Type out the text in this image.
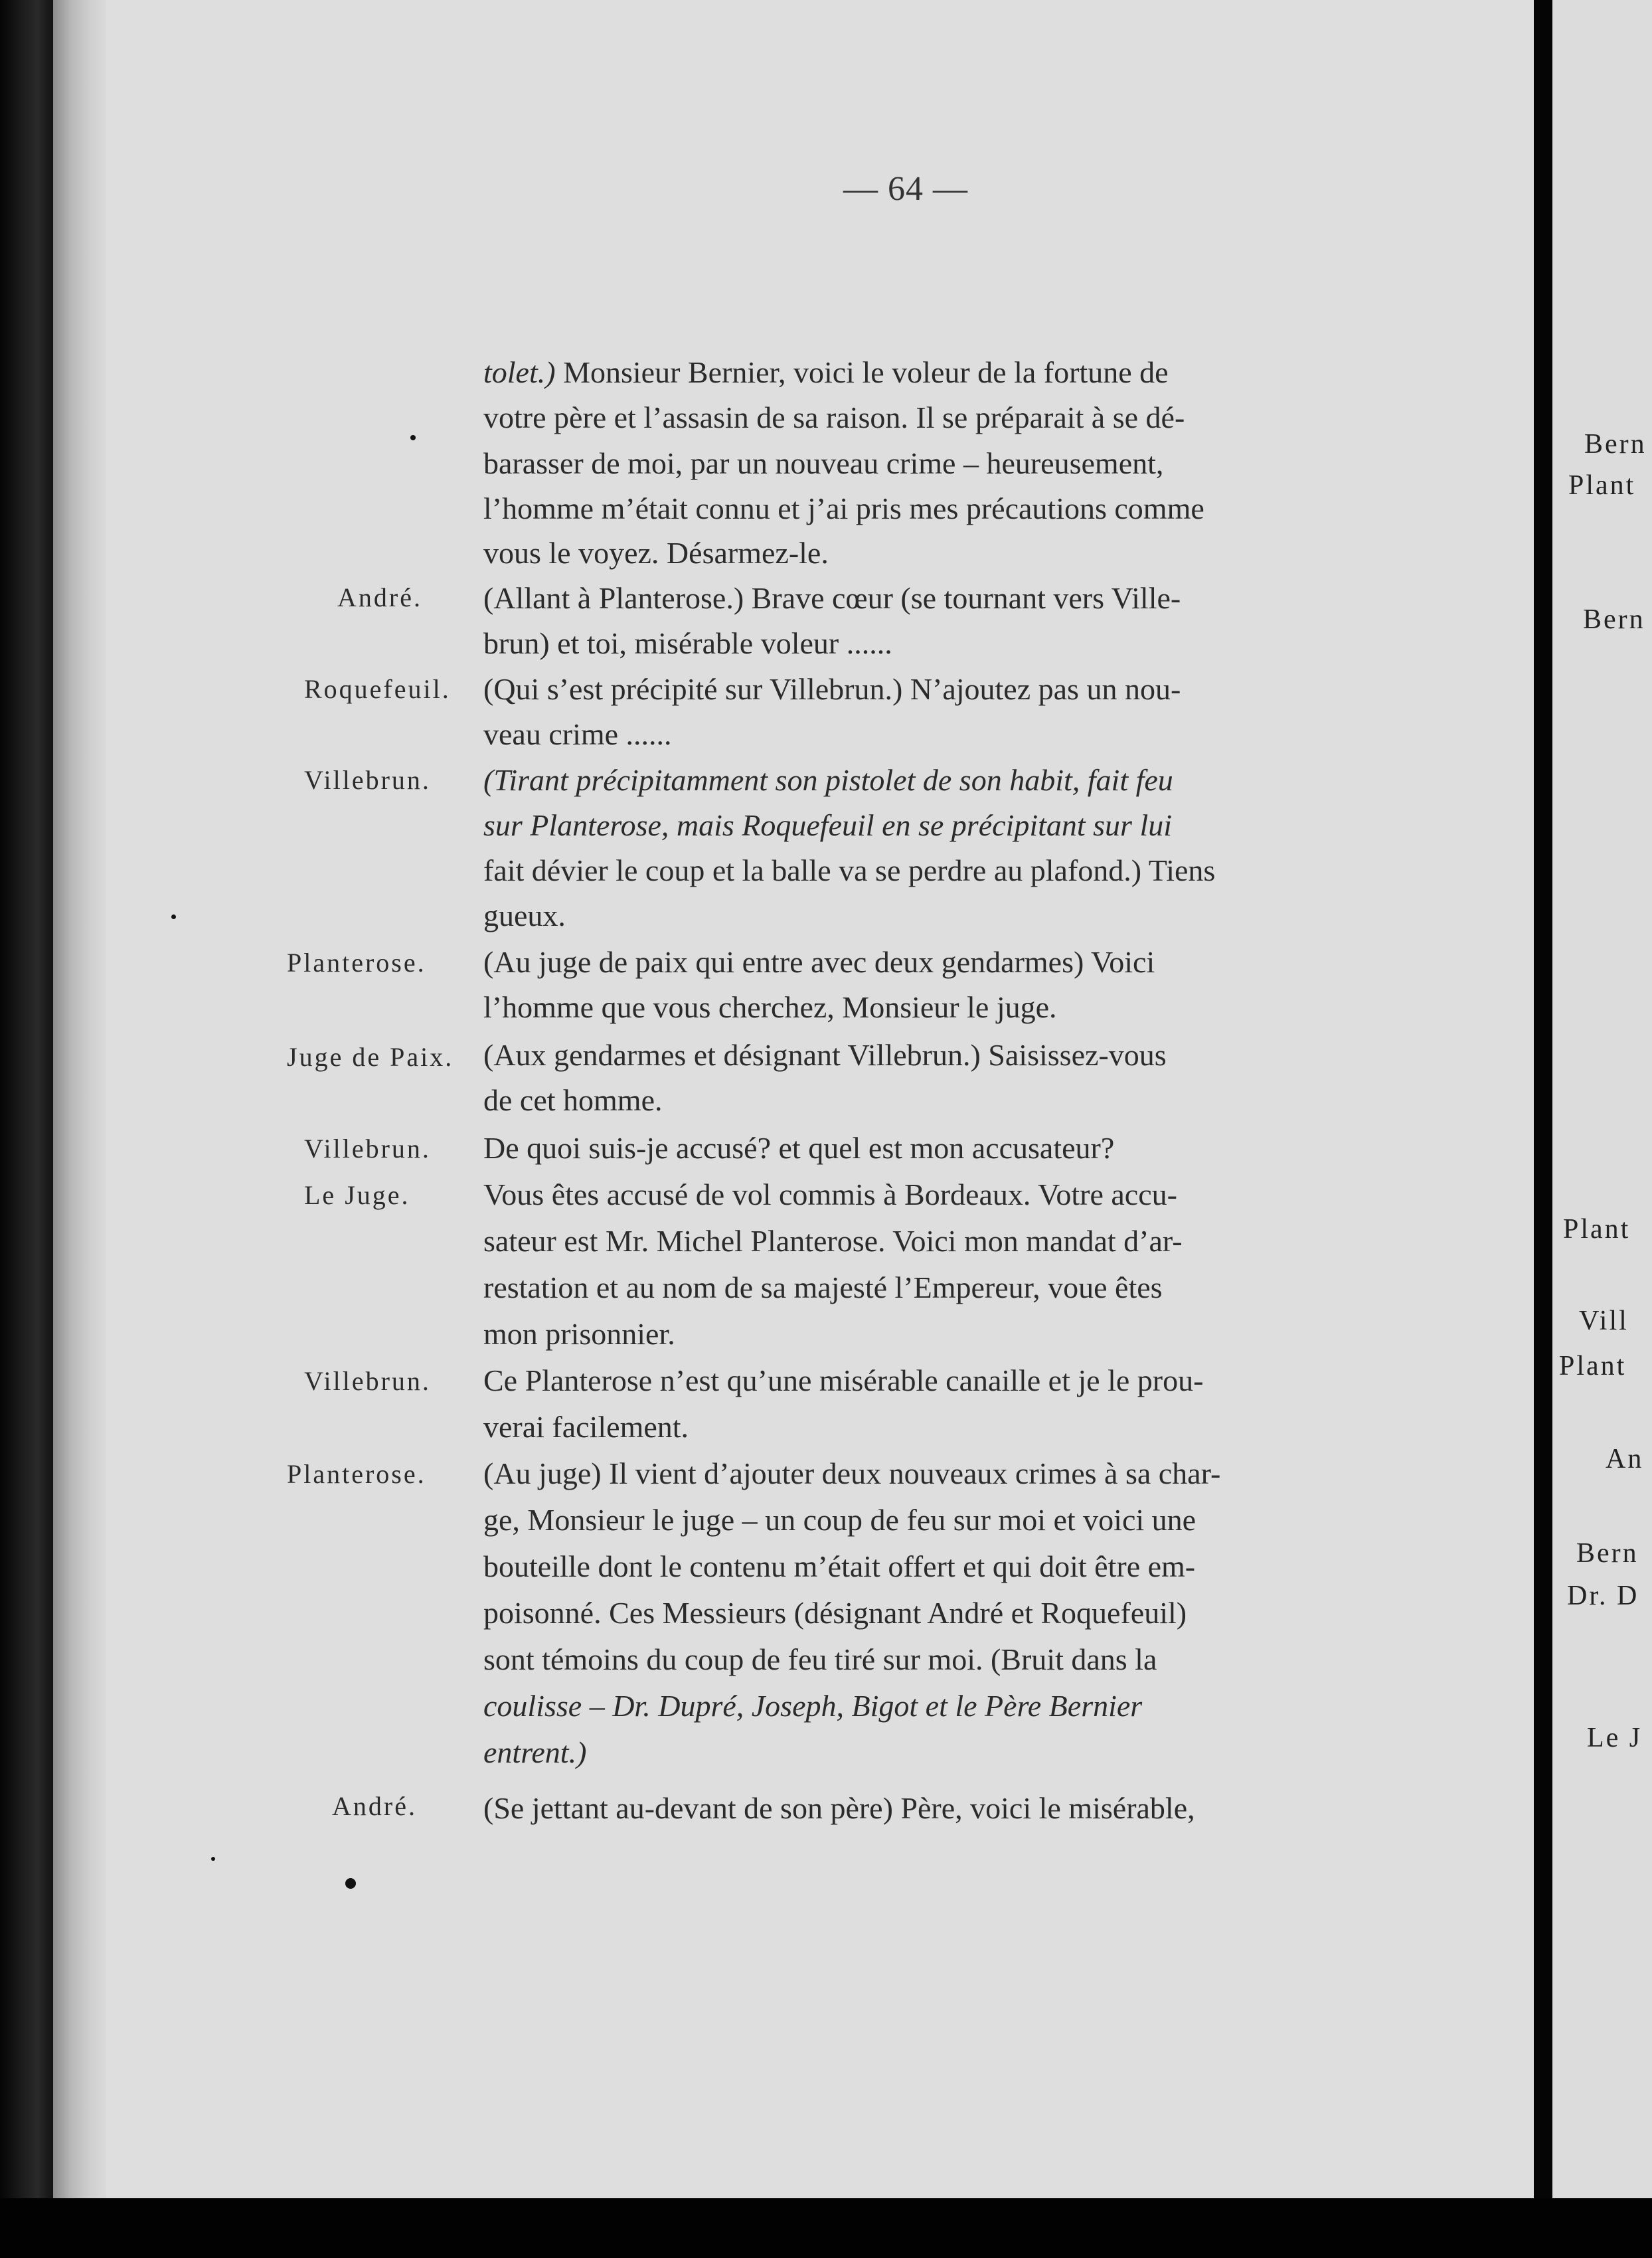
— 64 —
André.
Roquefeuil.
Villebrun.
Planterose.
Juge de Paix.
Villebrun.
Le Juge.
Villebrun.
Planterose.
André.
tolet.) Monsieur Bernier, voici le voleur de la fortune de
votre père et l’assasin de sa raison. Il se préparait à se dé-
barasser de moi, par un nouveau crime – heureusement,
l’homme m’était connu et j’ai pris mes précautions comme
vous le voyez. Désarmez-le.
(Allant à Planterose.) Brave cœur (se tournant vers Ville-
brun) et toi, misérable voleur ......
(Qui s’est précipité sur Villebrun.) N’ajoutez pas un nou-
veau crime ......
(Tirant précipitamment son pistolet de son habit, fait feu
sur Planterose, mais Roquefeuil en se précipitant sur lui
fait dévier le coup et la balle va se perdre au plafond.) Tiens
gueux.
(Au juge de paix qui entre avec deux gendarmes) Voici
l’homme que vous cherchez, Monsieur le juge.
(Aux gendarmes et désignant Villebrun.) Saisissez-vous
de cet homme.
De quoi suis-je accusé? et quel est mon accusateur?
Vous êtes accusé de vol commis à Bordeaux. Votre accu-
sateur est Mr. Michel Planterose. Voici mon mandat d’ar-
restation et au nom de sa majesté l’Empereur, voue êtes
mon prisonnier.
Ce Planterose n’est qu’une misérable canaille et je le prou-
verai facilement.
(Au juge) Il vient d’ajouter deux nouveaux crimes à sa char-
ge, Monsieur le juge – un coup de feu sur moi et voici une
bouteille dont le contenu m’était offert et qui doit être em-
poisonné. Ces Messieurs (désignant André et Roquefeuil)
sont témoins du coup de feu tiré sur moi. (Bruit dans la
coulisse – Dr. Dupré, Joseph, Bigot et le Père Bernier
entrent.)
(Se jettant au-devant de son père) Père, voici le misérable,
Bern
Plant
Bern
Plant
Vill
Plant
An
Bern
Dr. D
Le J
